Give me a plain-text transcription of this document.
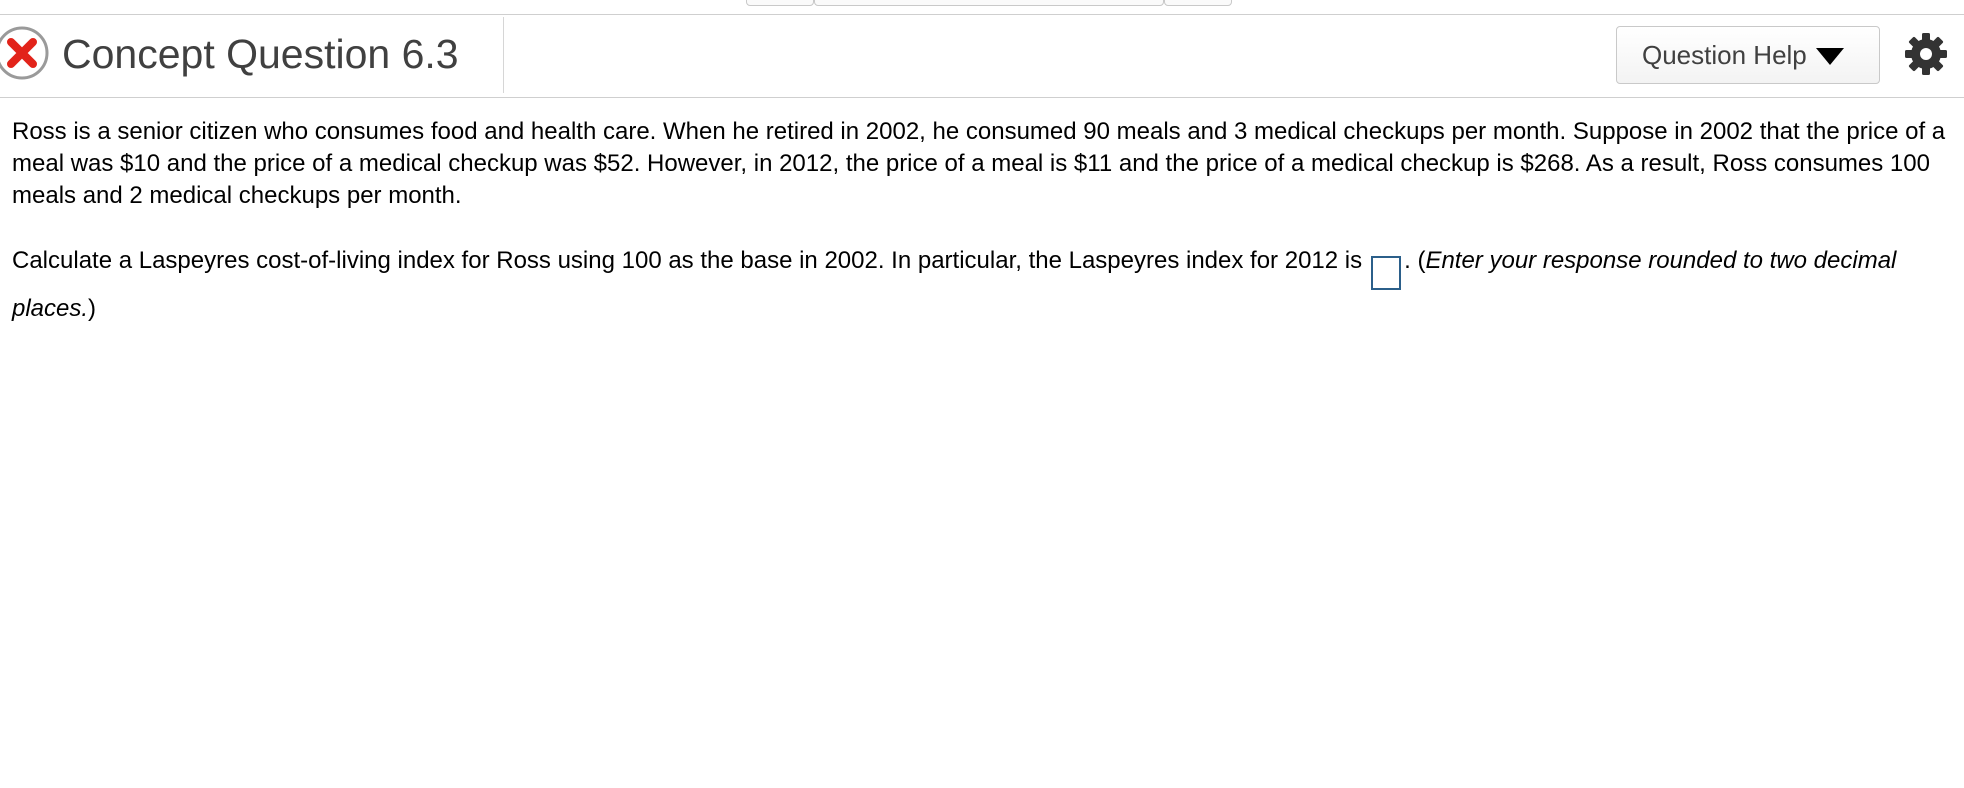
Concept Question 6.3	Question Help

Ross is a senior citizen who consumes food and health care. When he retired in 2002, he consumed 90 meals and 3 medical checkups per month. Suppose in 2002 that the price of a meal was $10 and the price of a medical checkup was $52. However, in 2012, the price of a meal is $11 and the price of a medical checkup is $268. As a result, Ross consumes 100 meals and 2 medical checkups per month.

Calculate a Laspeyres cost-of-living index for Ross using 100 as the base in 2002. In particular, the Laspeyres index for 2012 is . (Enter your response rounded to two decimal places.)
